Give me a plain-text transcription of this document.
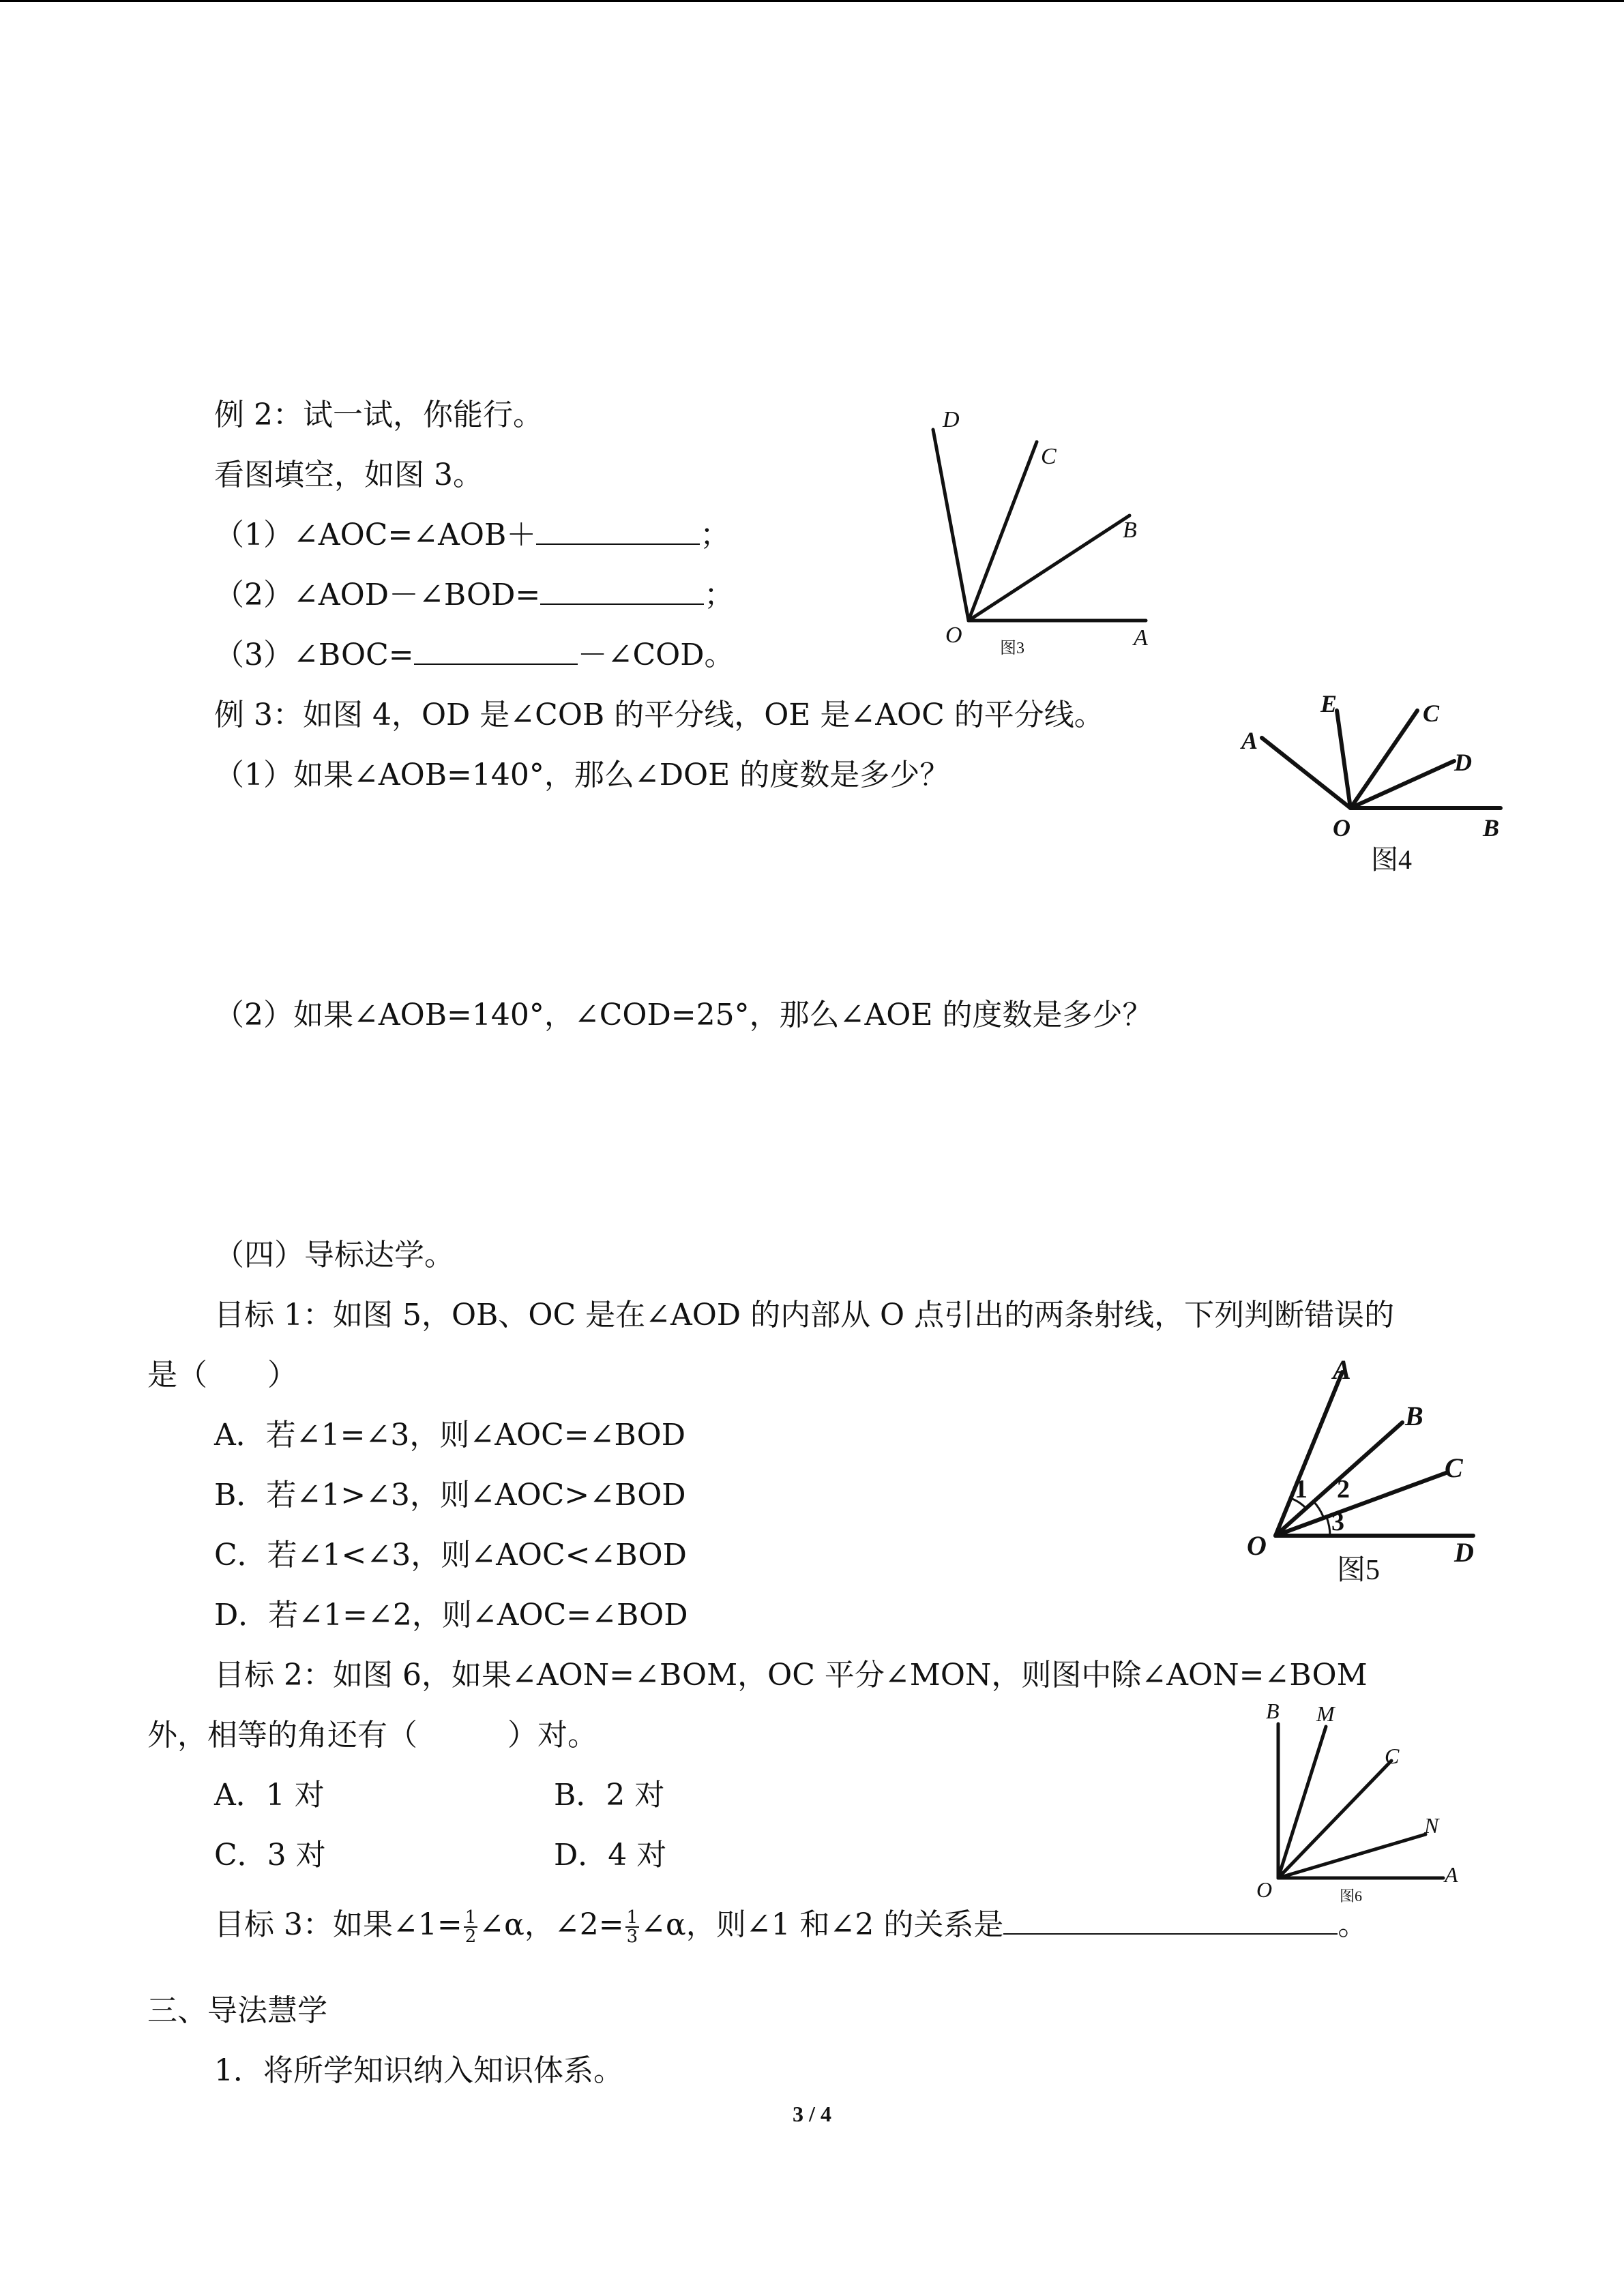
例 2：试一试，你能行。
看图填空，如图 3。
（1）∠AOC=∠AOB＋	；
（2）∠AOD－∠BOD=	；
（3）∠BOC=	－∠COD。
例 3：如图 4，OD 是∠COB 的平分线，OE 是∠AOC 的平分线。
（1）如果∠AOB=140°，那么∠DOE 的度数是多少？
（2）如果∠AOB=140°，∠COD=25°，那么∠AOE 的度数是多少？
（四）导标达学。
目标 1：如图 5，OB、OC 是在∠AOD 的内部从 O 点引出的两条射线，下列判断错误的
是（　　）
A．若∠1=∠3，则∠AOC=∠BOD
B．若∠1>∠3，则∠AOC>∠BOD
C．若∠1<∠3，则∠AOC<∠BOD
D．若∠1=∠2，则∠AOC=∠BOD
目标 2：如图 6，如果∠AON=∠BOM，OC 平分∠MON，则图中除∠AON=∠BOM
外，相等的角还有（　　　）对。
A．1 对	B．2 对
C．3 对	D．4 对
目标 3：如果∠1= $\frac{1}{2}$ ∠α，∠2= $\frac{1}{3}$ ∠α，则∠1 和∠2 的关系是	。
三、导法慧学
1．将所学知识纳入知识体系。
3 / 4
D
C
B
O	A
图3
A
E	C
D
O	B
图4
1 2
3
A
B
C
O	D
图5
B M
C
N
O
A
图6
